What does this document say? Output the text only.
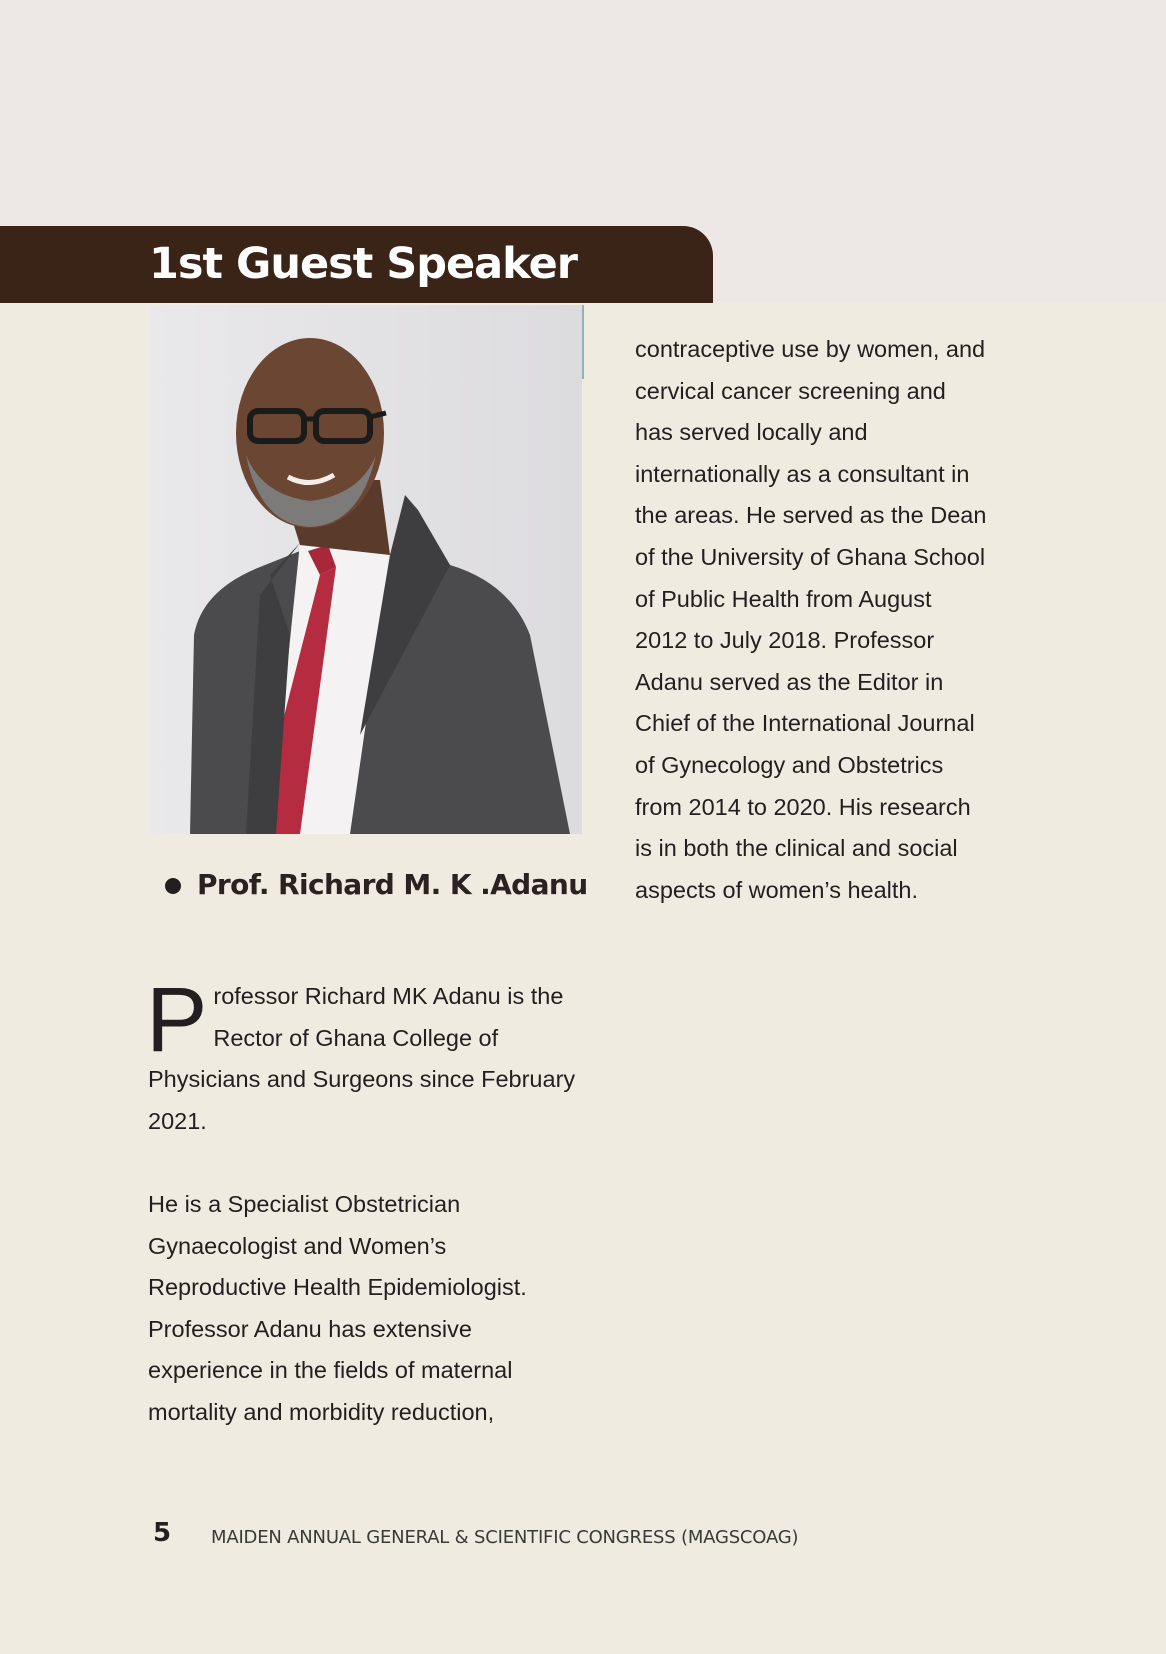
1st Guest Speaker
Prof. Richard M. K .Adanu

Professor Richard MK Adanu is the Rector of Ghana College of Physicians and Surgeons since February 2021.

He is a Specialist Obstetrician Gynaecologist and Women’s Reproductive Health Epidemiologist. Professor Adanu has extensive experience in the fields of maternal mortality and morbidity reduction,

contraceptive use by women, and

cervical cancer screening and

has served locally and

internationally as a consultant in

the areas. He served as the Dean

of the University of Ghana School

of Public Health from August

2012 to July 2018. Professor

Adanu served as the Editor in

Chief of the International Journal

of Gynecology and Obstetrics

from 2014 to 2020. His research

is in both the clinical and social

aspects of women’s health.

5 MAIDEN ANNUAL GENERAL & SCIENTIFIC CONGRESS (MAGSCOAG)
